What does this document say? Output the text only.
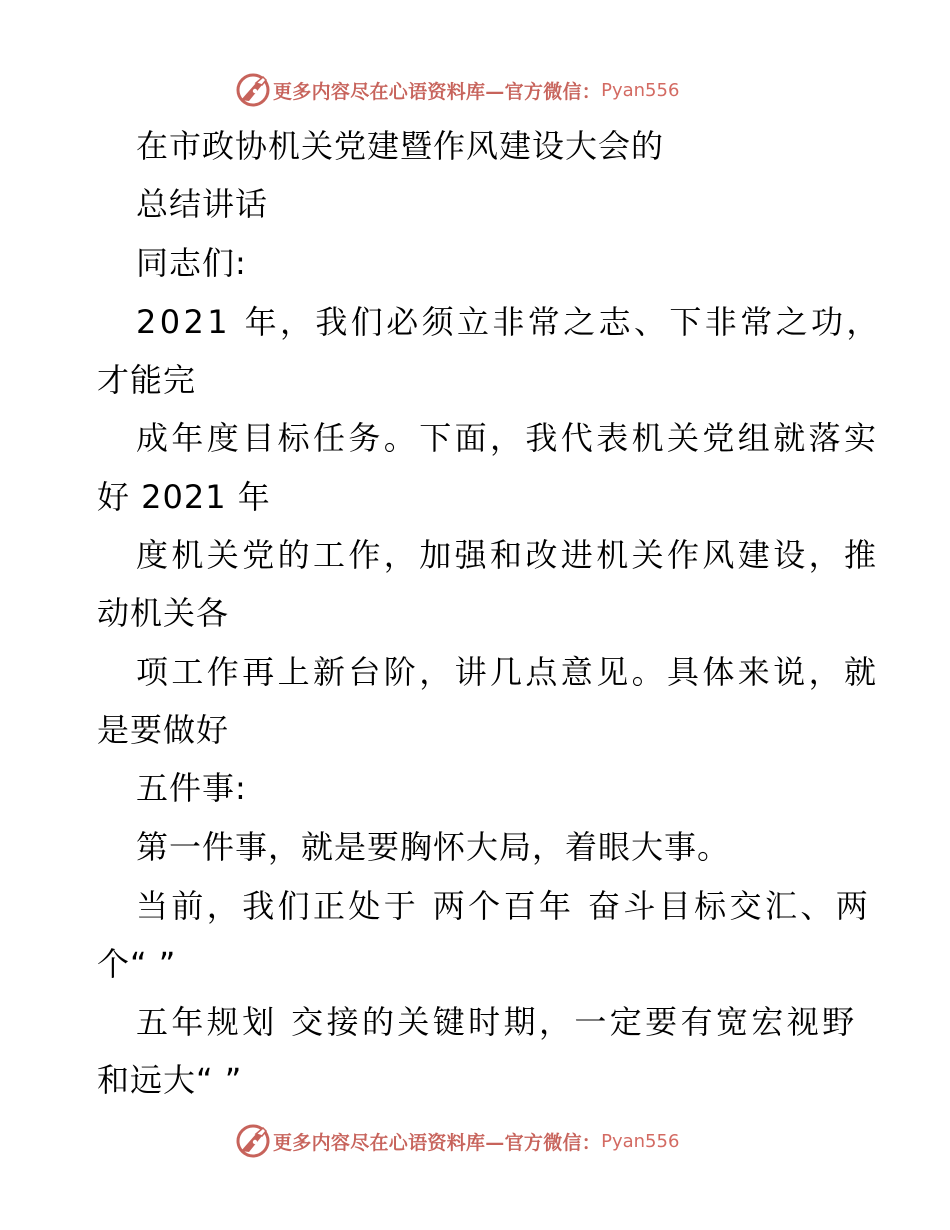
更多内容尽在心语资料库—官方微信： Pyan556
在市政协机关党建暨作风建设大会的
总结讲话
同志们:
2021 年，我们必须立非常之志、下非常之功，
才能完
成年度目标任务。下面，我代表机关党组就落实
好 2021 年
度机关党的工作，加强和改进机关作风建设，推
动机关各
项工作再上新台阶，讲几点意见。具体来说，就
是要做好
五件事:
第一件事，就是要胸怀大局，着眼大事。
当前，我们正处于 两个百年 奋斗目标交汇、两
个“ ”
五年规划 交接的关键时期，一定要有宽宏视野
和远大“ ”
更多内容尽在心语资料库—官方微信： Pyan556
